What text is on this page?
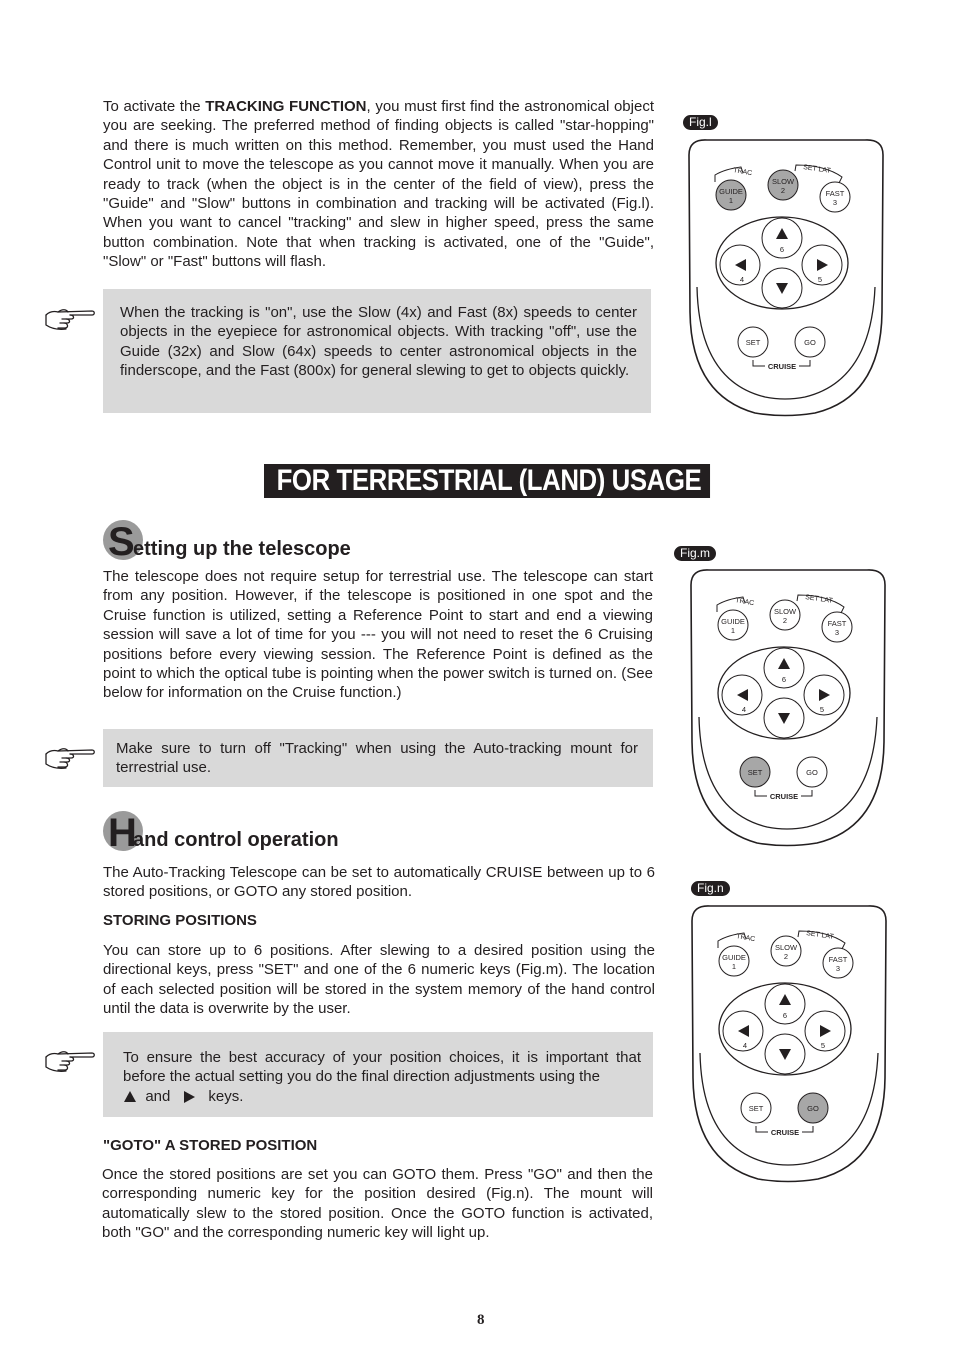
To activate the TRACKING FUNCTION, you must first find the astronomical object you are seeking. The preferred method of finding objects is called "star-hopping" and there is much written on this method. Remember, you must used the Hand Control unit to move the telescope as you cannot move it manually. When you are ready to track (when the object is in the center of the field of view), press the "Guide" and "Slow" buttons in combination and tracking will be activated (Fig.l). When you want to cancel "tracking" and slew in higher speed, press the same button combination. Note that when tracking is activated, one of the "Guide", "Slow" or "Fast" buttons will flash.

When the tracking is "on", use the Slow (4x) and Fast (8x) speeds to center objects in the eyepiece for astronomical objects. With tracking "off", use the Guide (32x) and Slow (64x) speeds to center astronomical objects in the finderscope, and the Fast (800x) for general slewing to get to objects quickly.

Fig.l
TRAC	SET LAT
GUIDE
1
SLOW
2	FAST
3
6
4	5
SET	GO
CRUISE
FOR TERRESTRIAL (LAND) USAGE
S
etting up the telescope

The telescope does not require setup for terrestrial use. The telescope can start from any position. However, if the telescope is positioned in one spot and the Cruise function is utilized, setting a Reference Point to start and end a viewing session will save a lot of time for you --- you will not need to reset the 6 Cruising positions before every viewing session. The Reference Point is defined as the point to which the optical tube is pointing when the power switch is turned on. (See below for information on the Cruise function.)

Make sure to turn off "Tracking" when using the Auto-tracking mount for terrestrial use.

Fig.m
TRAC	SET LAT
GUIDE
1
SLOW
2	FAST
3
6
4	5
SET	GO
CRUISE
H
and control operation

The Auto-Tracking Telescope can be set to automatically CRUISE between up to 6 stored positions, or GOTO any stored position.

STORING POSITIONS

You can store up to 6 positions. After slewing to a desired position using the directional keys, press "SET" and one of the 6 numeric keys (Fig.m). The location of each selected position will be stored in the system memory of the hand control until the data is overwrite by the user.

To ensure the best accuracy of your position choices, it is important that before the actual setting you do the final direction adjustments using the
and	keys.

"GOTO" A STORED POSITION

Once the stored positions are set you can GOTO them. Press "GO" and then the corresponding numeric key for the position desired (Fig.n). The mount will automatically slew to the stored position. Once the GOTO function is activated, both "GO" and the corresponding numeric key will light up.

Fig.n
TRAC	SET LAT
GUIDE
1
SLOW
2	FAST
3
6
4	5
SET	GO
CRUISE
8
